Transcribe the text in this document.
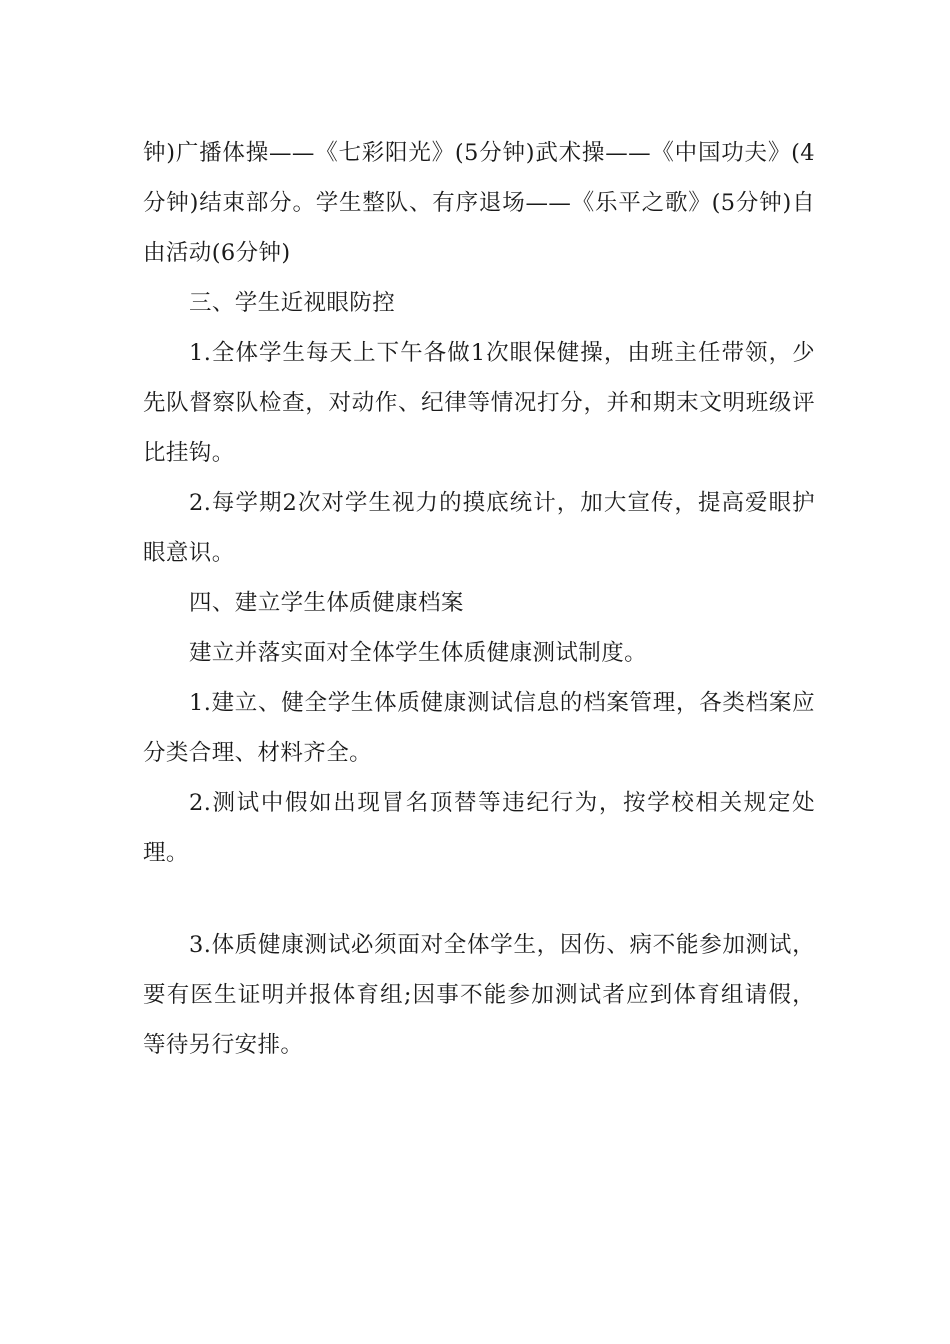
钟)广播体操——《七彩阳光》(5分钟)武术操——《中国功夫》(4分钟)结束部分。学生整队、有序退场——《乐平之歌》(5分钟)自由活动(6分钟)

三、学生近视眼防控

1.全体学生每天上下午各做1次眼保健操，由班主任带领，少先队督察队检查，对动作、纪律等情况打分，并和期末文明班级评比挂钩。

2.每学期2次对学生视力的摸底统计，加大宣传，提高爱眼护眼意识。

四、建立学生体质健康档案

建立并落实面对全体学生体质健康测试制度。

1.建立、健全学生体质健康测试信息的档案管理，各类档案应分类合理、材料齐全。

2.测试中假如出现冒名顶替等违纪行为，按学校相关规定处理。

3.体质健康测试必须面对全体学生，因伤、病不能参加测试，要有医生证明并报体育组;因事不能参加测试者应到体育组请假，等待另行安排。
